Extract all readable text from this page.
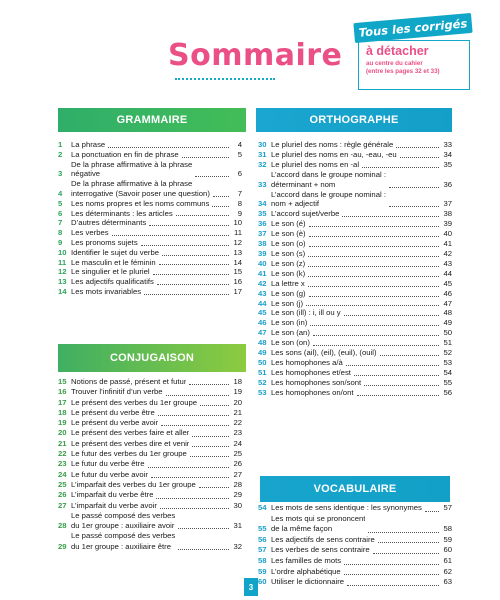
Sommaire
Tous les corrigés
à détacher
au centre du cahier
(entre les pages 32 et 33)
GRAMMAIRE	ORTHOGRAPHE
CONJUGAISON
VOCABULAIRE
1	La phrase	4
2	La ponctuation en fin de phrase	5
3
De la phrase affirmative à la phrase
négative	6
4
De la phrase affirmative à la phrase
interrogative (Savoir poser une question)	7
5	Les noms propres et les noms communs	8
6	Les déterminants : les articles	9
7	D’autres déterminants	10
8	Les verbes	11
9	Les pronoms sujets	12
10 Identifier le sujet du verbe	13
11 Le masculin et le féminin	14
12 Le singulier et le pluriel	15
13 Les adjectifs qualificatifs	16
14 Les mots invariables	17
15 Notions de passé, présent et futur	18
16 Trouver l’infinitif d’un verbe	19
17 Le présent des verbes du 1er groupe	20
18 Le présent du verbe être	21
19 Le présent du verbe avoir	22
20 Le présent des verbes faire et aller	23
21 Le présent des verbes dire et venir	24
22 Le futur des verbes du 1er groupe	25
23 Le futur du verbe être	26
24 Le futur du verbe avoir	27
25 L’imparfait des verbes du 1er groupe	28
26 L’imparfait du verbe être	29
27 L’imparfait du verbe avoir	30
28
Le passé composé des verbes
du 1er groupe : auxiliaire avoir	31
29
Le passé composé des verbes
du 1er groupe : auxiliaire être	32
30 Le pluriel des noms : règle générale	33
31 Le pluriel des noms en -au, -eau, -eu	34
32 Le pluriel des noms en -al	35
33
L’accord dans le groupe nominal :
déterminant + nom	36
34
L’accord dans le groupe nominal :
nom + adjectif	37
35 L’accord sujet/verbe	38
36 Le son (é)	39
37 Le son (è)	40
38 Le son (o)	41
39 Le son (s)	42
40 Le son (z)	43
41 Le son (k)	44
42 La lettre x	45
43 Le son (g)	46
44 Le son (j)	47
45 Le son (ill) : i, ill ou y	48
46 Le son (in)	49
47 Le son (an)	50
48 Le son (on)	51
49 Les sons (ail), (eil), (euil), (ouil)	52
50 Les homophones a/à	53
51 Les homophones et/est	54
52 Les homophones son/sont	55
53 Les homophones on/ont	56
54 Les mots de sens identique : les synonymes	57
55
Les mots qui se prononcent
de la même façon	58
56 Les adjectifs de sens contraire	59
57 Les verbes de sens contraire	60
58 Les familles de mots	61
59 L’ordre alphabétique	62
60 Utiliser le dictionnaire	63
3
